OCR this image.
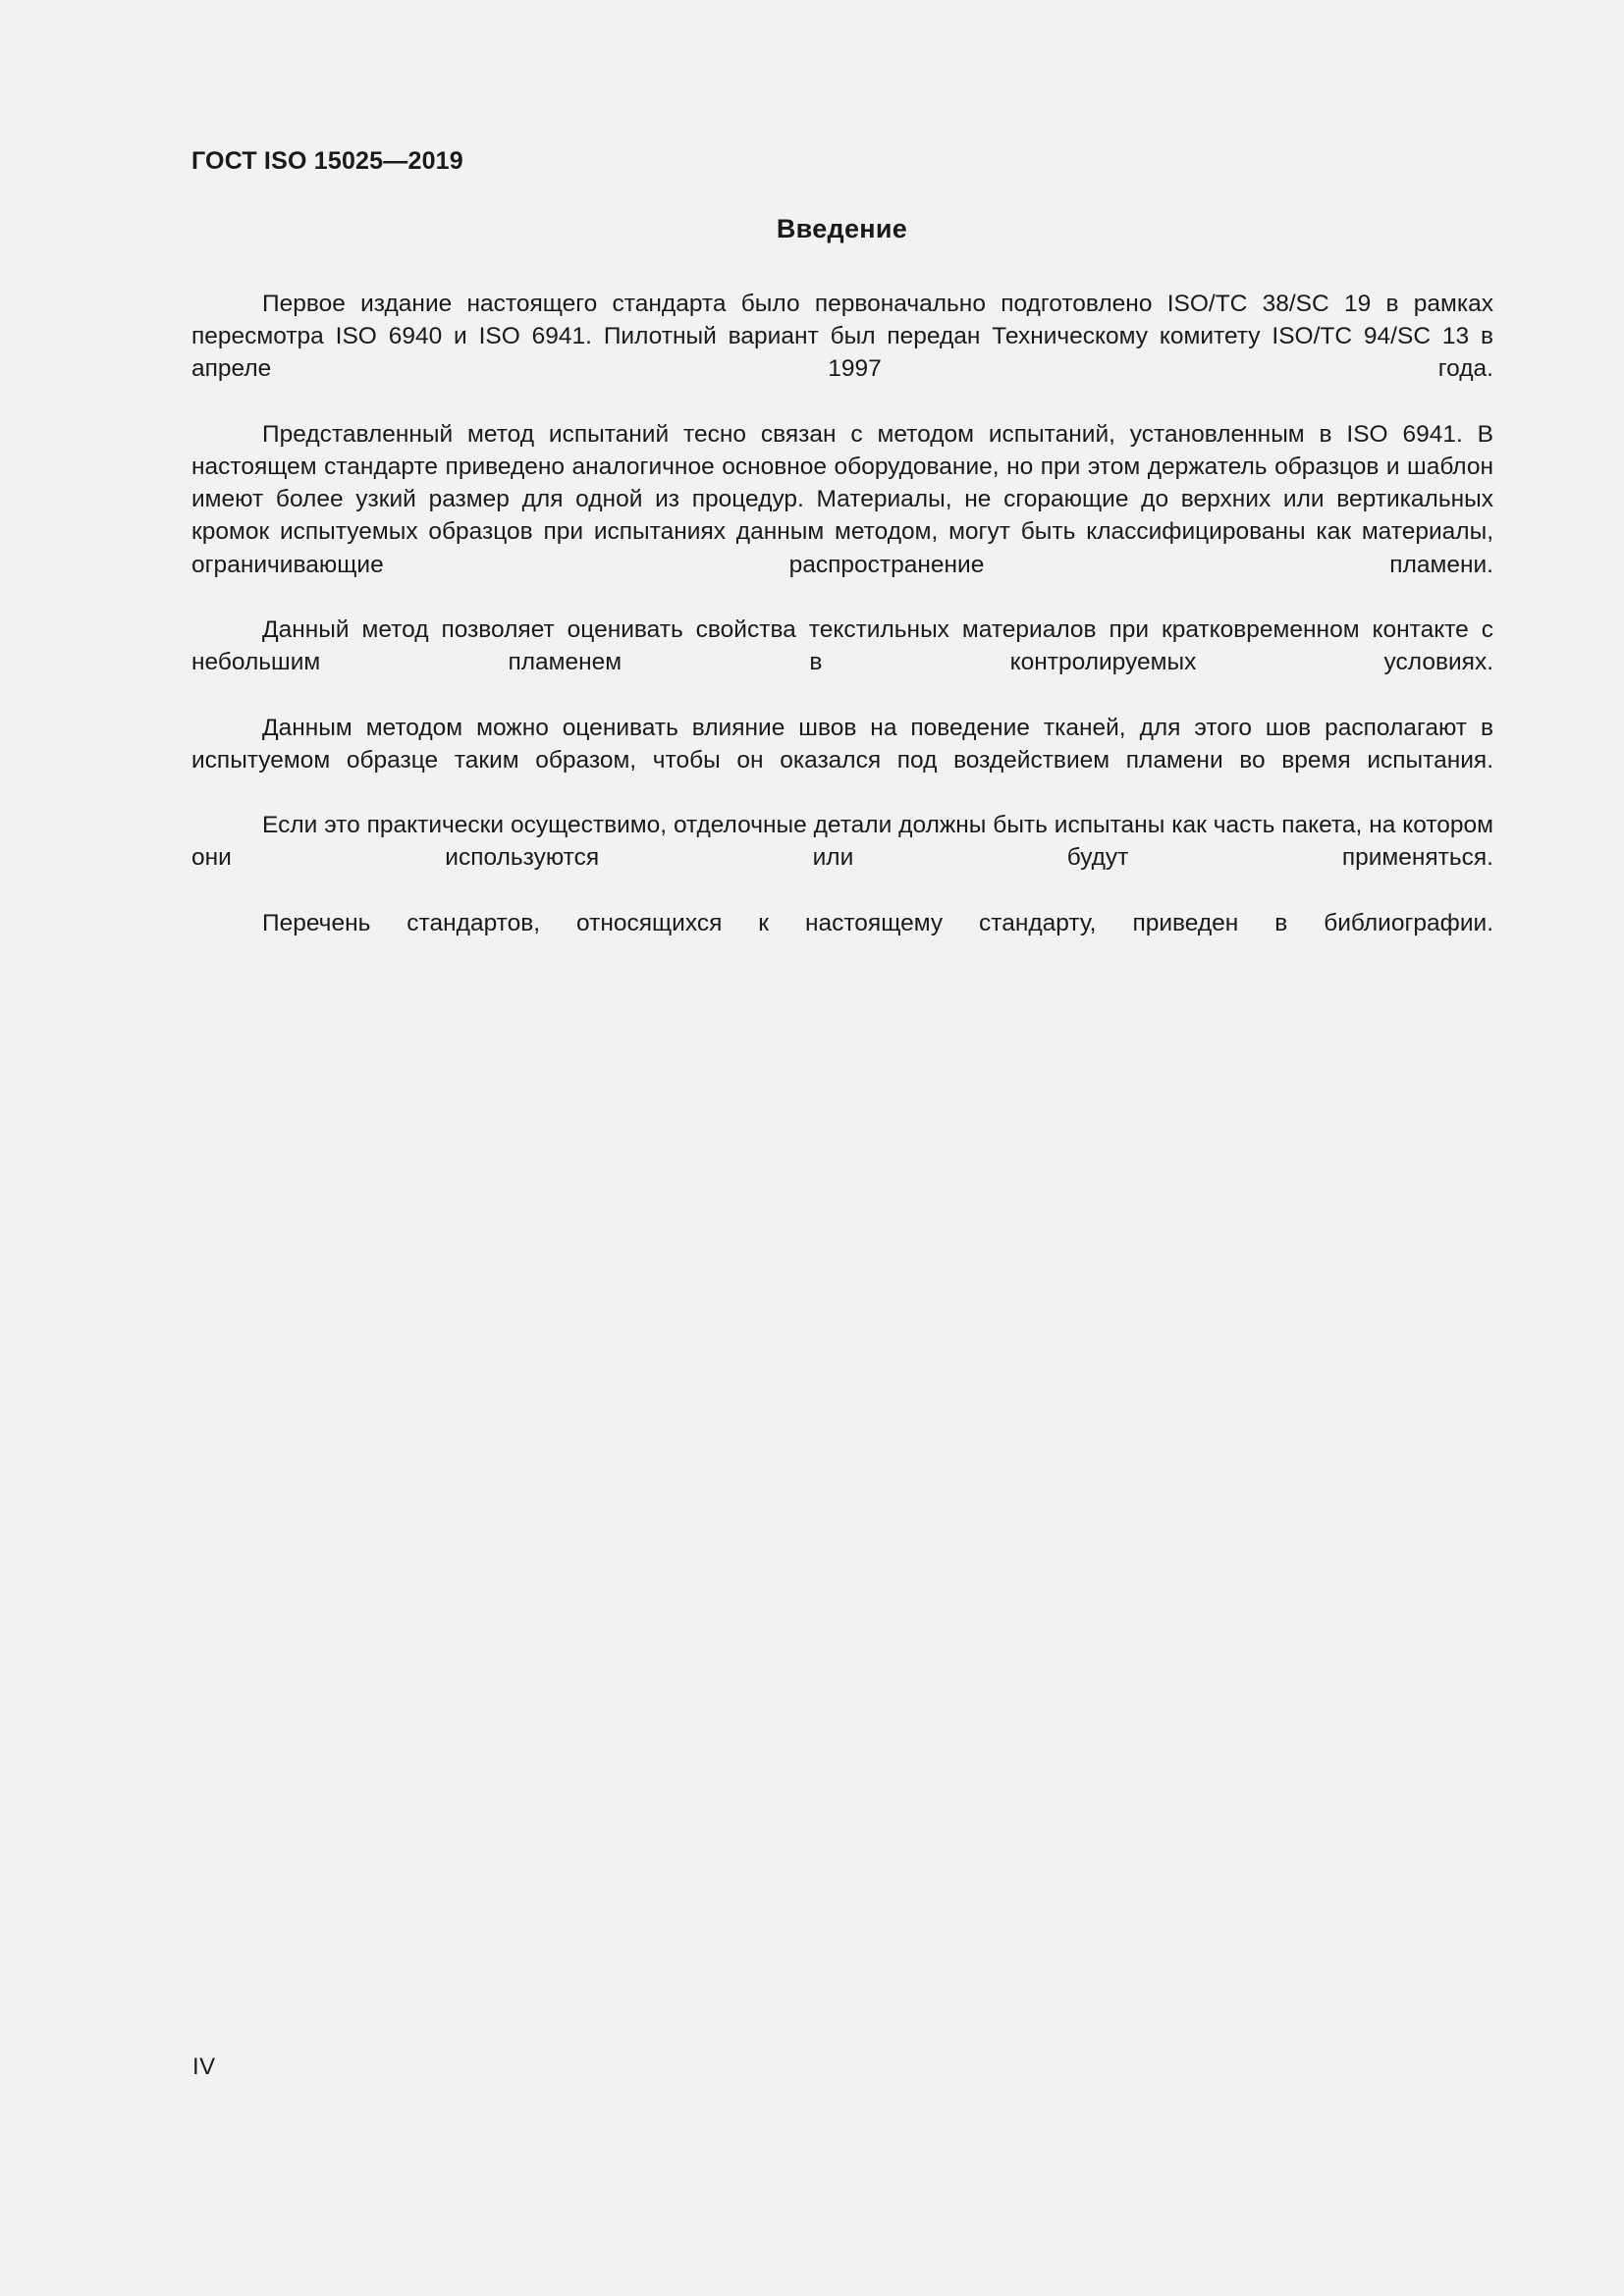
ГОСТ ISO 15025—2019
Введение

Первое издание настоящего стандарта было первоначально подготовлено ISO/TC 38/SC 19 в рамках пересмотра ISO 6940 и ISO 6941. Пилотный вариант был передан Техническому комитету ISO/TC 94/SC 13 в апреле 1997 года.

Представленный метод испытаний тесно связан с методом испытаний, установленным в ISO 6941. В настоящем стандарте приведено аналогичное основное оборудование, но при этом держатель образцов и шаблон имеют более узкий размер для одной из процедур. Материалы, не сгорающие до верхних или вертикальных кромок испытуемых образцов при испытаниях данным методом, могут быть классифицированы как материалы, ограничивающие распространение пламени.

Данный метод позволяет оценивать свойства текстильных материалов при кратковременном контакте с небольшим пламенем в контролируемых условиях.

Данным методом можно оценивать влияние швов на поведение тканей, для этого шов располагают в испытуемом образце таким образом, чтобы он оказался под воздействием пламени во время испытания.

Если это практически осуществимо, отделочные детали должны быть испытаны как часть пакета, на котором они используются или будут применяться.

Перечень стандартов, относящихся к настоящему стандарту, приведен в библиографии.

IV
